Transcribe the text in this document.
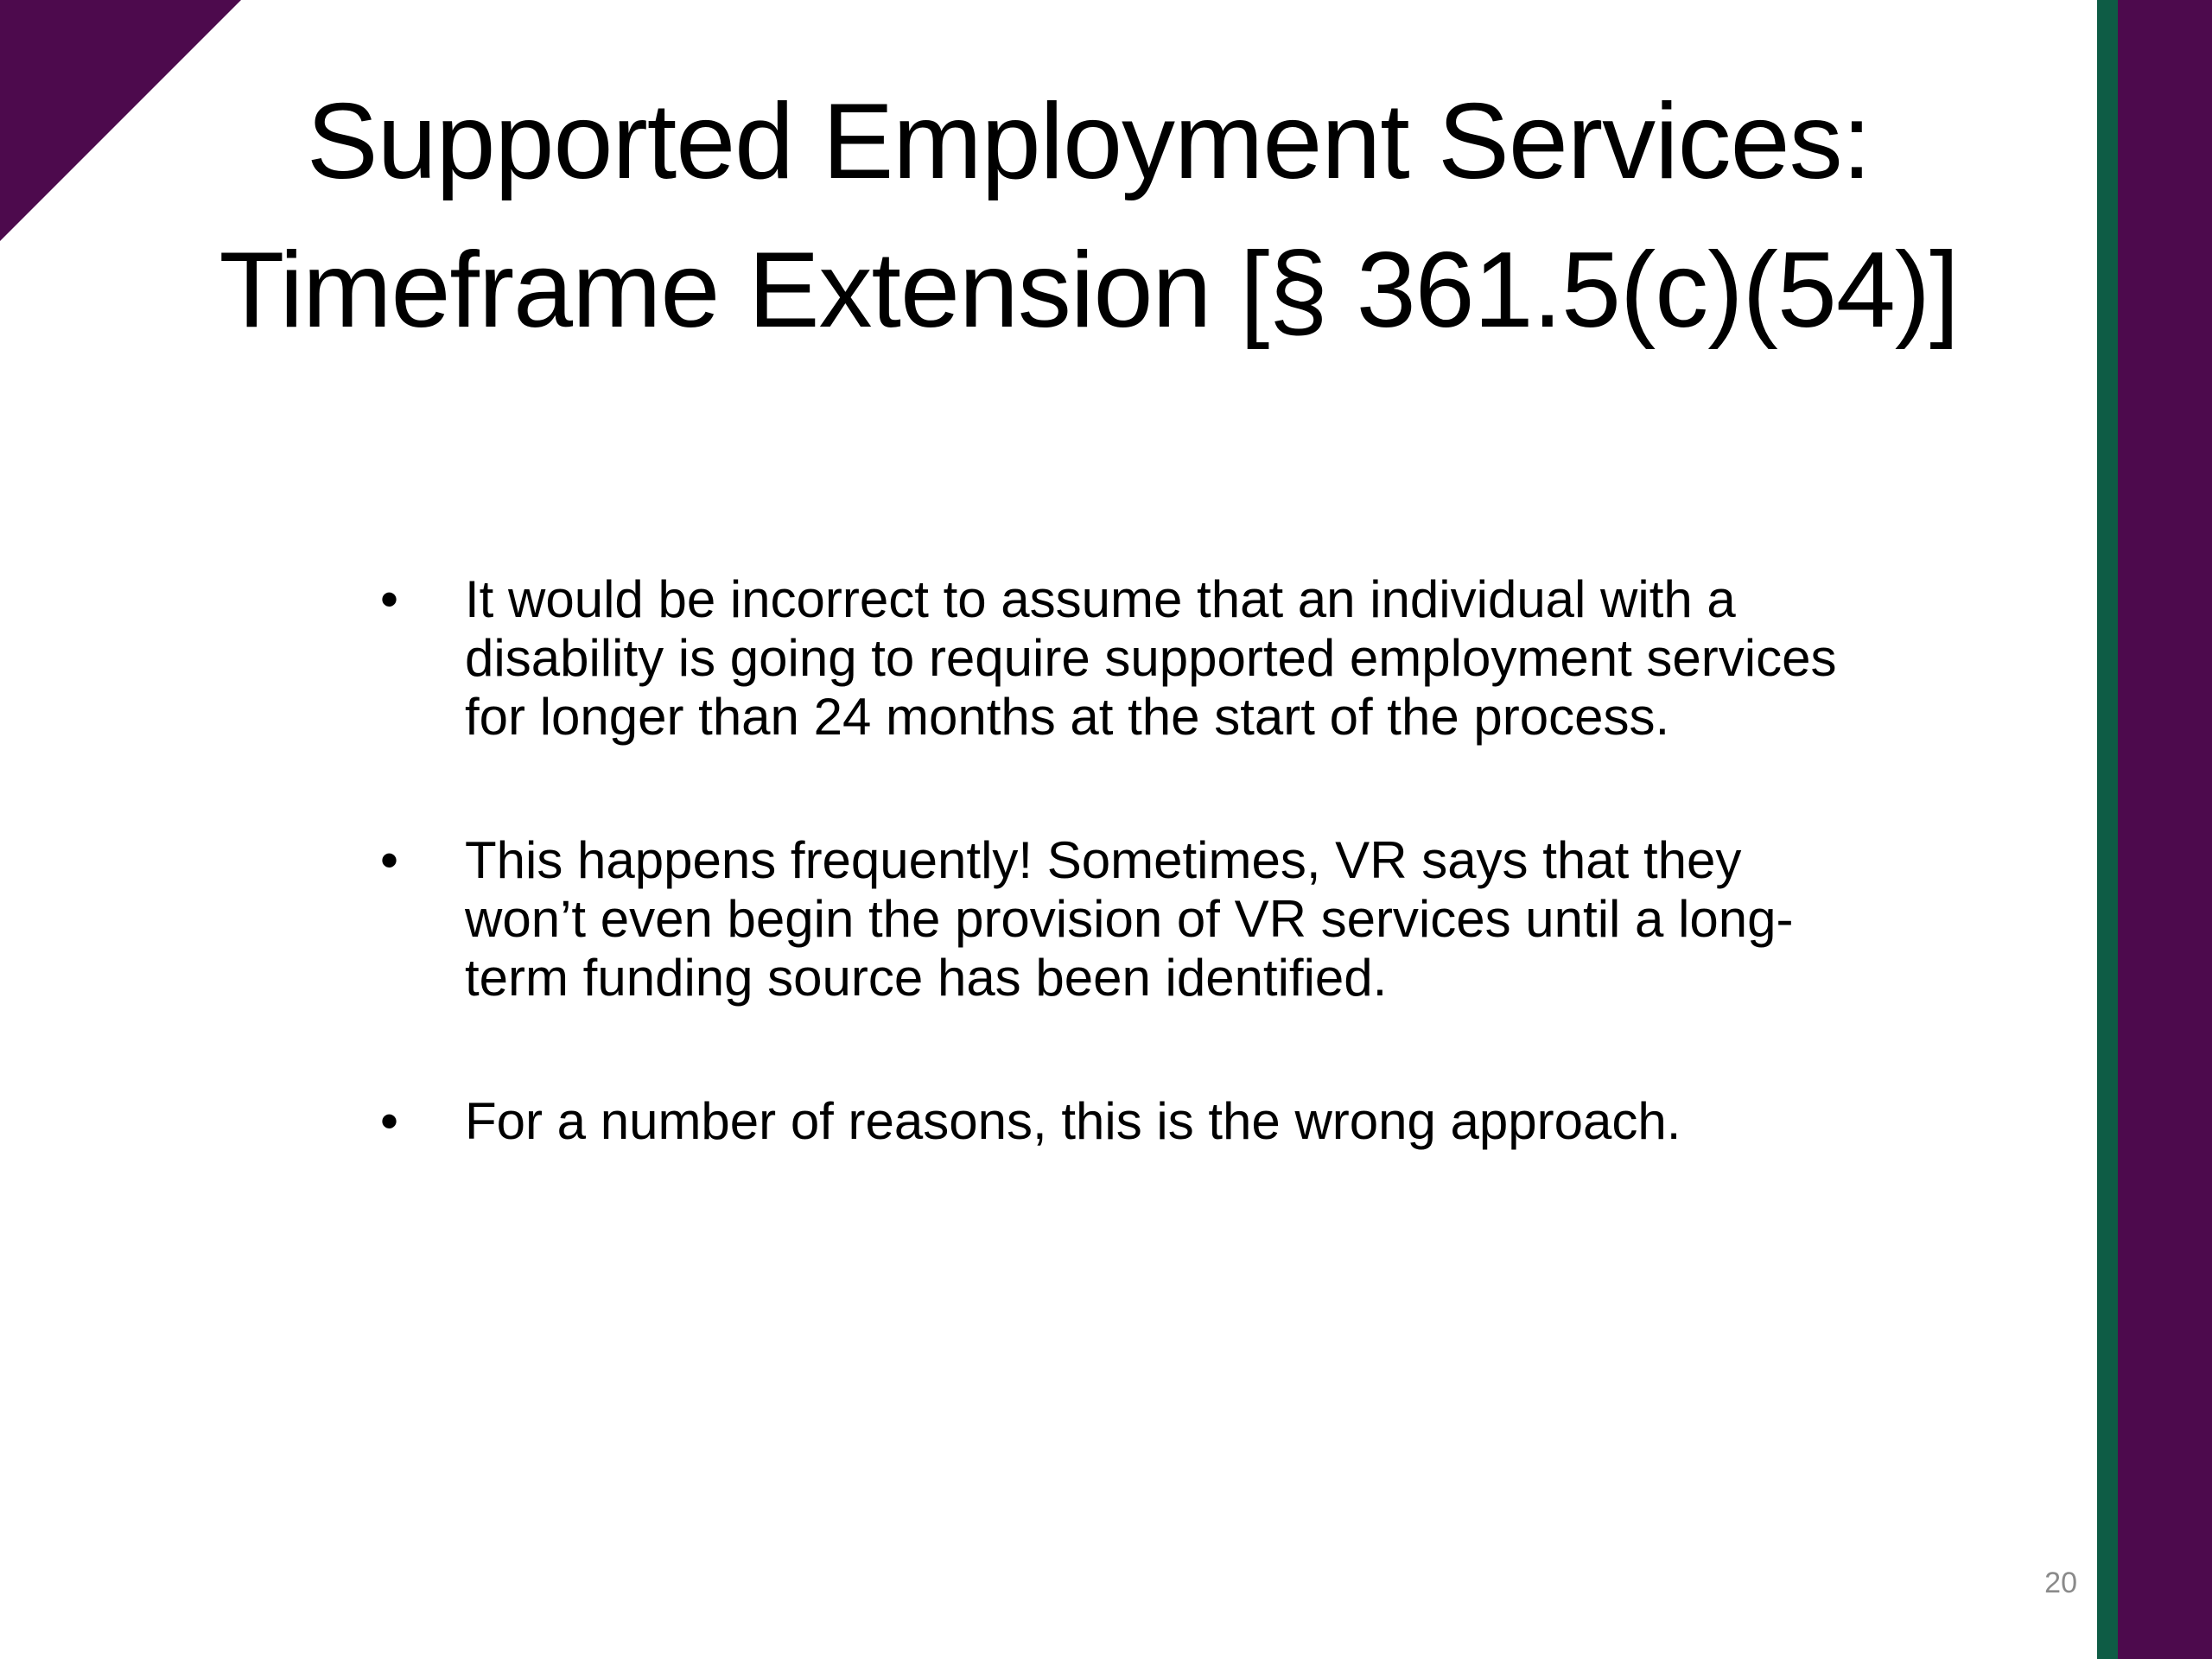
Supported Employment Services:
Timeframe Extension [§ 361.5(c)(54)]
• It would be incorrect to assume that an individual with a disability is going to require supported employment services for longer than 24 months at the start of the process.
• This happens frequently! Sometimes, VR says that they won’t even begin the provision of VR services until a long-term funding source has been identified.
• For a number of reasons, this is the wrong approach.
20
